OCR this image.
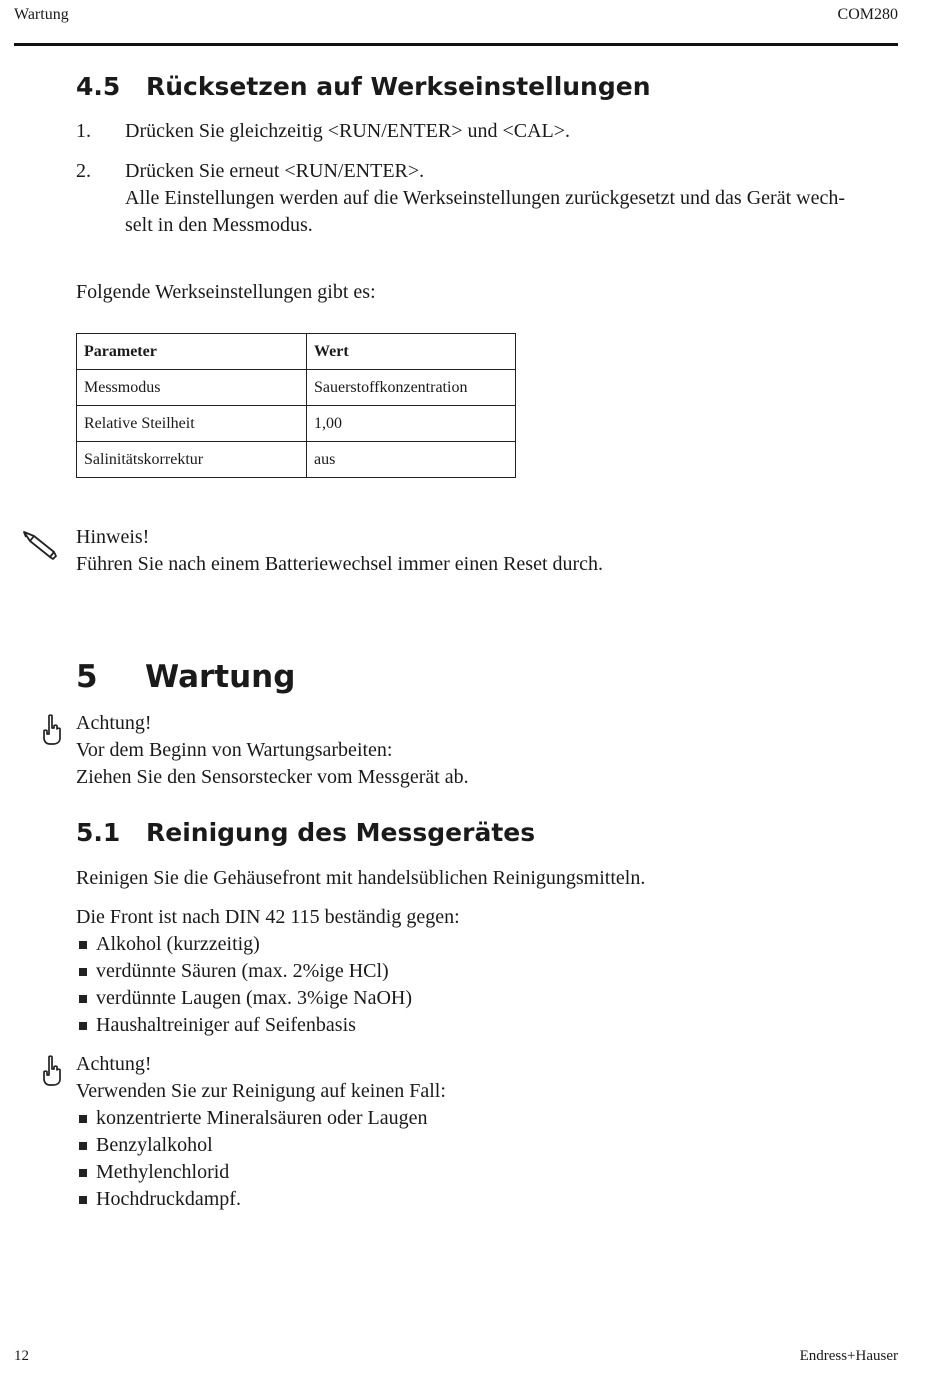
Wartung	COM280
4.5 Rücksetzen auf Werkseinstellungen
1. Drücken Sie gleichzeitig <RUN/ENTER> und <CAL>.
2. Drücken Sie erneut <RUN/ENTER>.
Alle Einstellungen werden auf die Werkseinstellungen zurückgesetzt und das Gerät wech-
selt in den Messmodus.
Folgende Werkseinstellungen gibt es:
Parameter	Wert
Messmodus	Sauerstoffkonzentration
Relative Steilheit	1,00
Salinitätskorrektur	aus
Hinweis!
Führen Sie nach einem Batteriewechsel immer einen Reset durch.
5 Wartung
Achtung!
Vor dem Beginn von Wartungsarbeiten:
Ziehen Sie den Sensorstecker vom Messgerät ab.
5.1 Reinigung des Messgerätes
Reinigen Sie die Gehäusefront mit handelsüblichen Reinigungsmitteln.
Die Front ist nach DIN 42 115 beständig gegen:
Alkohol (kurzzeitig)
verdünnte Säuren (max. 2%ige HCl)
verdünnte Laugen (max. 3%ige NaOH)
Haushaltreiniger auf Seifenbasis
Achtung!
Verwenden Sie zur Reinigung auf keinen Fall:
konzentrierte Mineralsäuren oder Laugen
Benzylalkohol
Methylenchlorid
Hochdruckdampf.
12	Endress+Hauser
